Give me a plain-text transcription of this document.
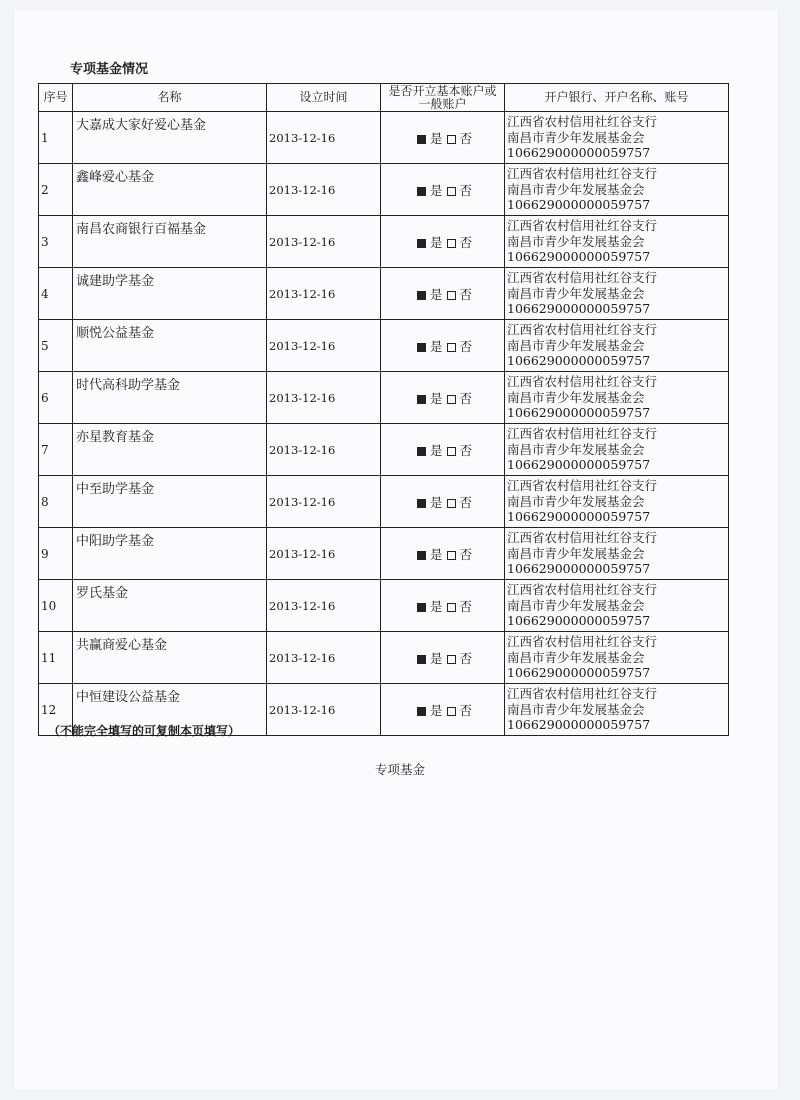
专项基金情况
序号	名称	设立时间	是否开立基本账户或
一般账户	开户银行、开户名称、账号
1	大嘉成大家好爱心基金	2013-12-16	是 否	江西省农村信用社红谷支行
南昌市青少年发展基金会
106629000000059757

2	鑫峰爱心基金	2013-12-16	是 否	江西省农村信用社红谷支行
南昌市青少年发展基金会
106629000000059757

3	南昌农商银行百福基金	2013-12-16	是 否	江西省农村信用社红谷支行
南昌市青少年发展基金会
106629000000059757

4	诚建助学基金	2013-12-16	是 否	江西省农村信用社红谷支行
南昌市青少年发展基金会
106629000000059757

5	顺悦公益基金	2013-12-16	是 否	江西省农村信用社红谷支行
南昌市青少年发展基金会
106629000000059757

6	时代高科助学基金	2013-12-16	是 否	江西省农村信用社红谷支行
南昌市青少年发展基金会
106629000000059757

7	亦星教育基金	2013-12-16	是 否	江西省农村信用社红谷支行
南昌市青少年发展基金会
106629000000059757

8	中至助学基金	2013-12-16	是 否	江西省农村信用社红谷支行
南昌市青少年发展基金会
106629000000059757

9	中阳助学基金	2013-12-16	是 否	江西省农村信用社红谷支行
南昌市青少年发展基金会
106629000000059757

10	罗氏基金	2013-12-16	是 否	江西省农村信用社红谷支行
南昌市青少年发展基金会
106629000000059757

11	共赢商爱心基金	2013-12-16	是 否	江西省农村信用社红谷支行
南昌市青少年发展基金会
106629000000059757

12	中恒建设公益基金	2013-12-16	是 否	江西省农村信用社红谷支行
南昌市青少年发展基金会
106629000000059757
（不能完全填写的可复制本页填写）
专项基金
